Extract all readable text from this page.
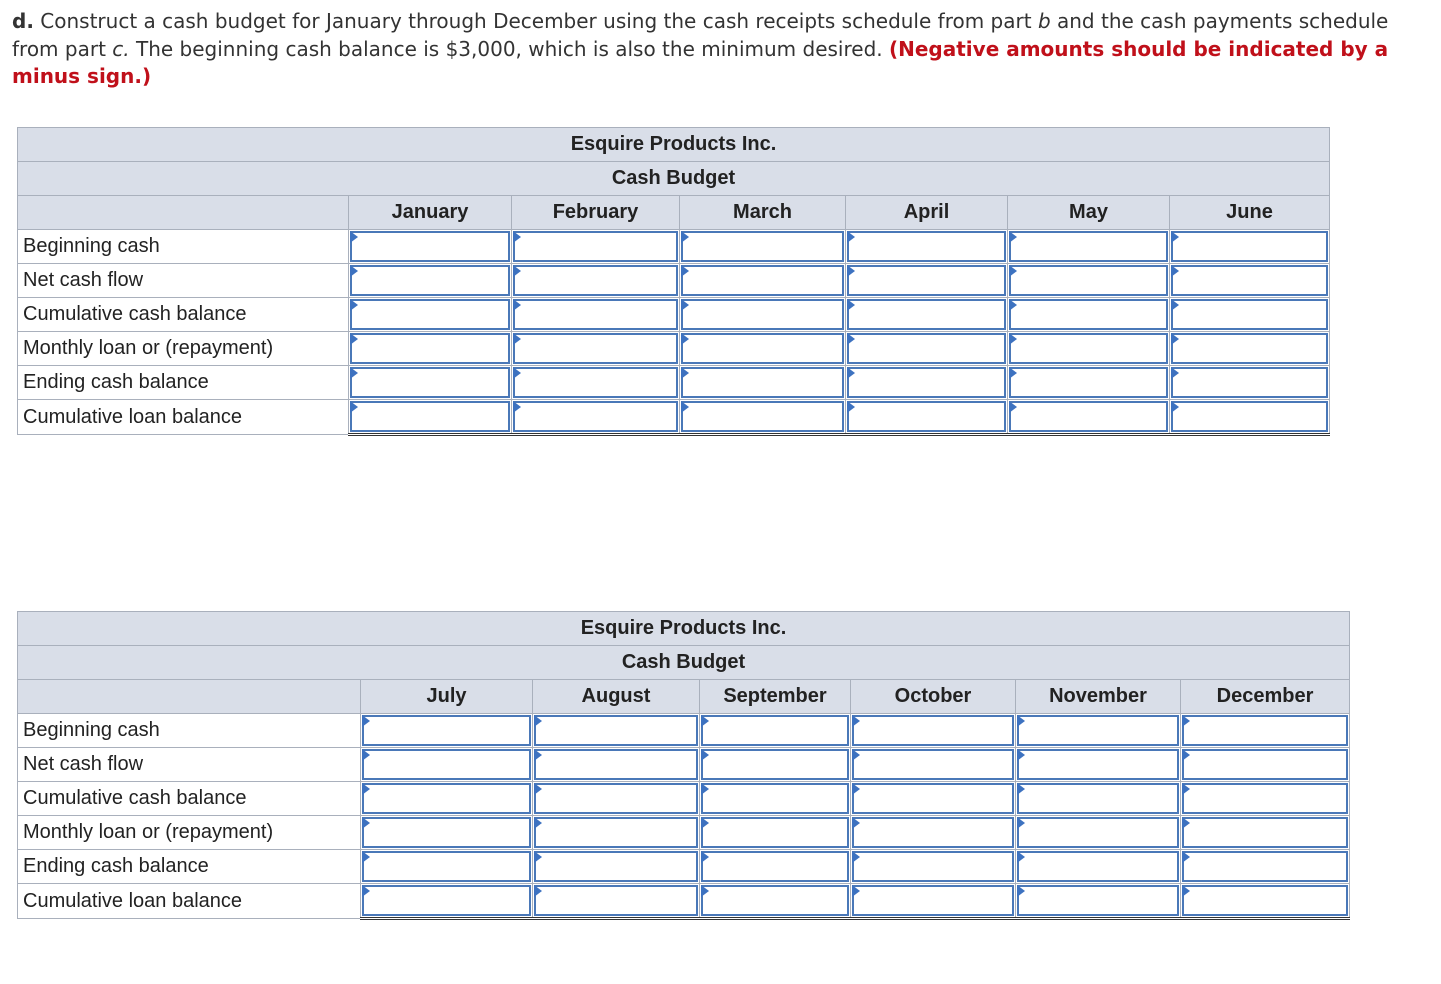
d. Construct a cash budget for January through December using the cash receipts schedule from part b and the cash payments schedule from part c. The beginning cash balance is $3,000, which is also the minimum desired. (Negative amounts should be indicated by a minus sign.)
Esquire Products Inc.						
Cash Budget						
	January	February	March	April	May	June
Beginning cash	

Net cash flow	

Cumulative cash balance	

Monthly loan or (repayment)	

Ending cash balance	

Cumulative loan balance	

Esquire Products Inc.						
Cash Budget						
	July	August	September	October	November	December
Beginning cash	

Net cash flow	

Cumulative cash balance	

Monthly loan or (repayment)	

Ending cash balance	

Cumulative loan balance	
